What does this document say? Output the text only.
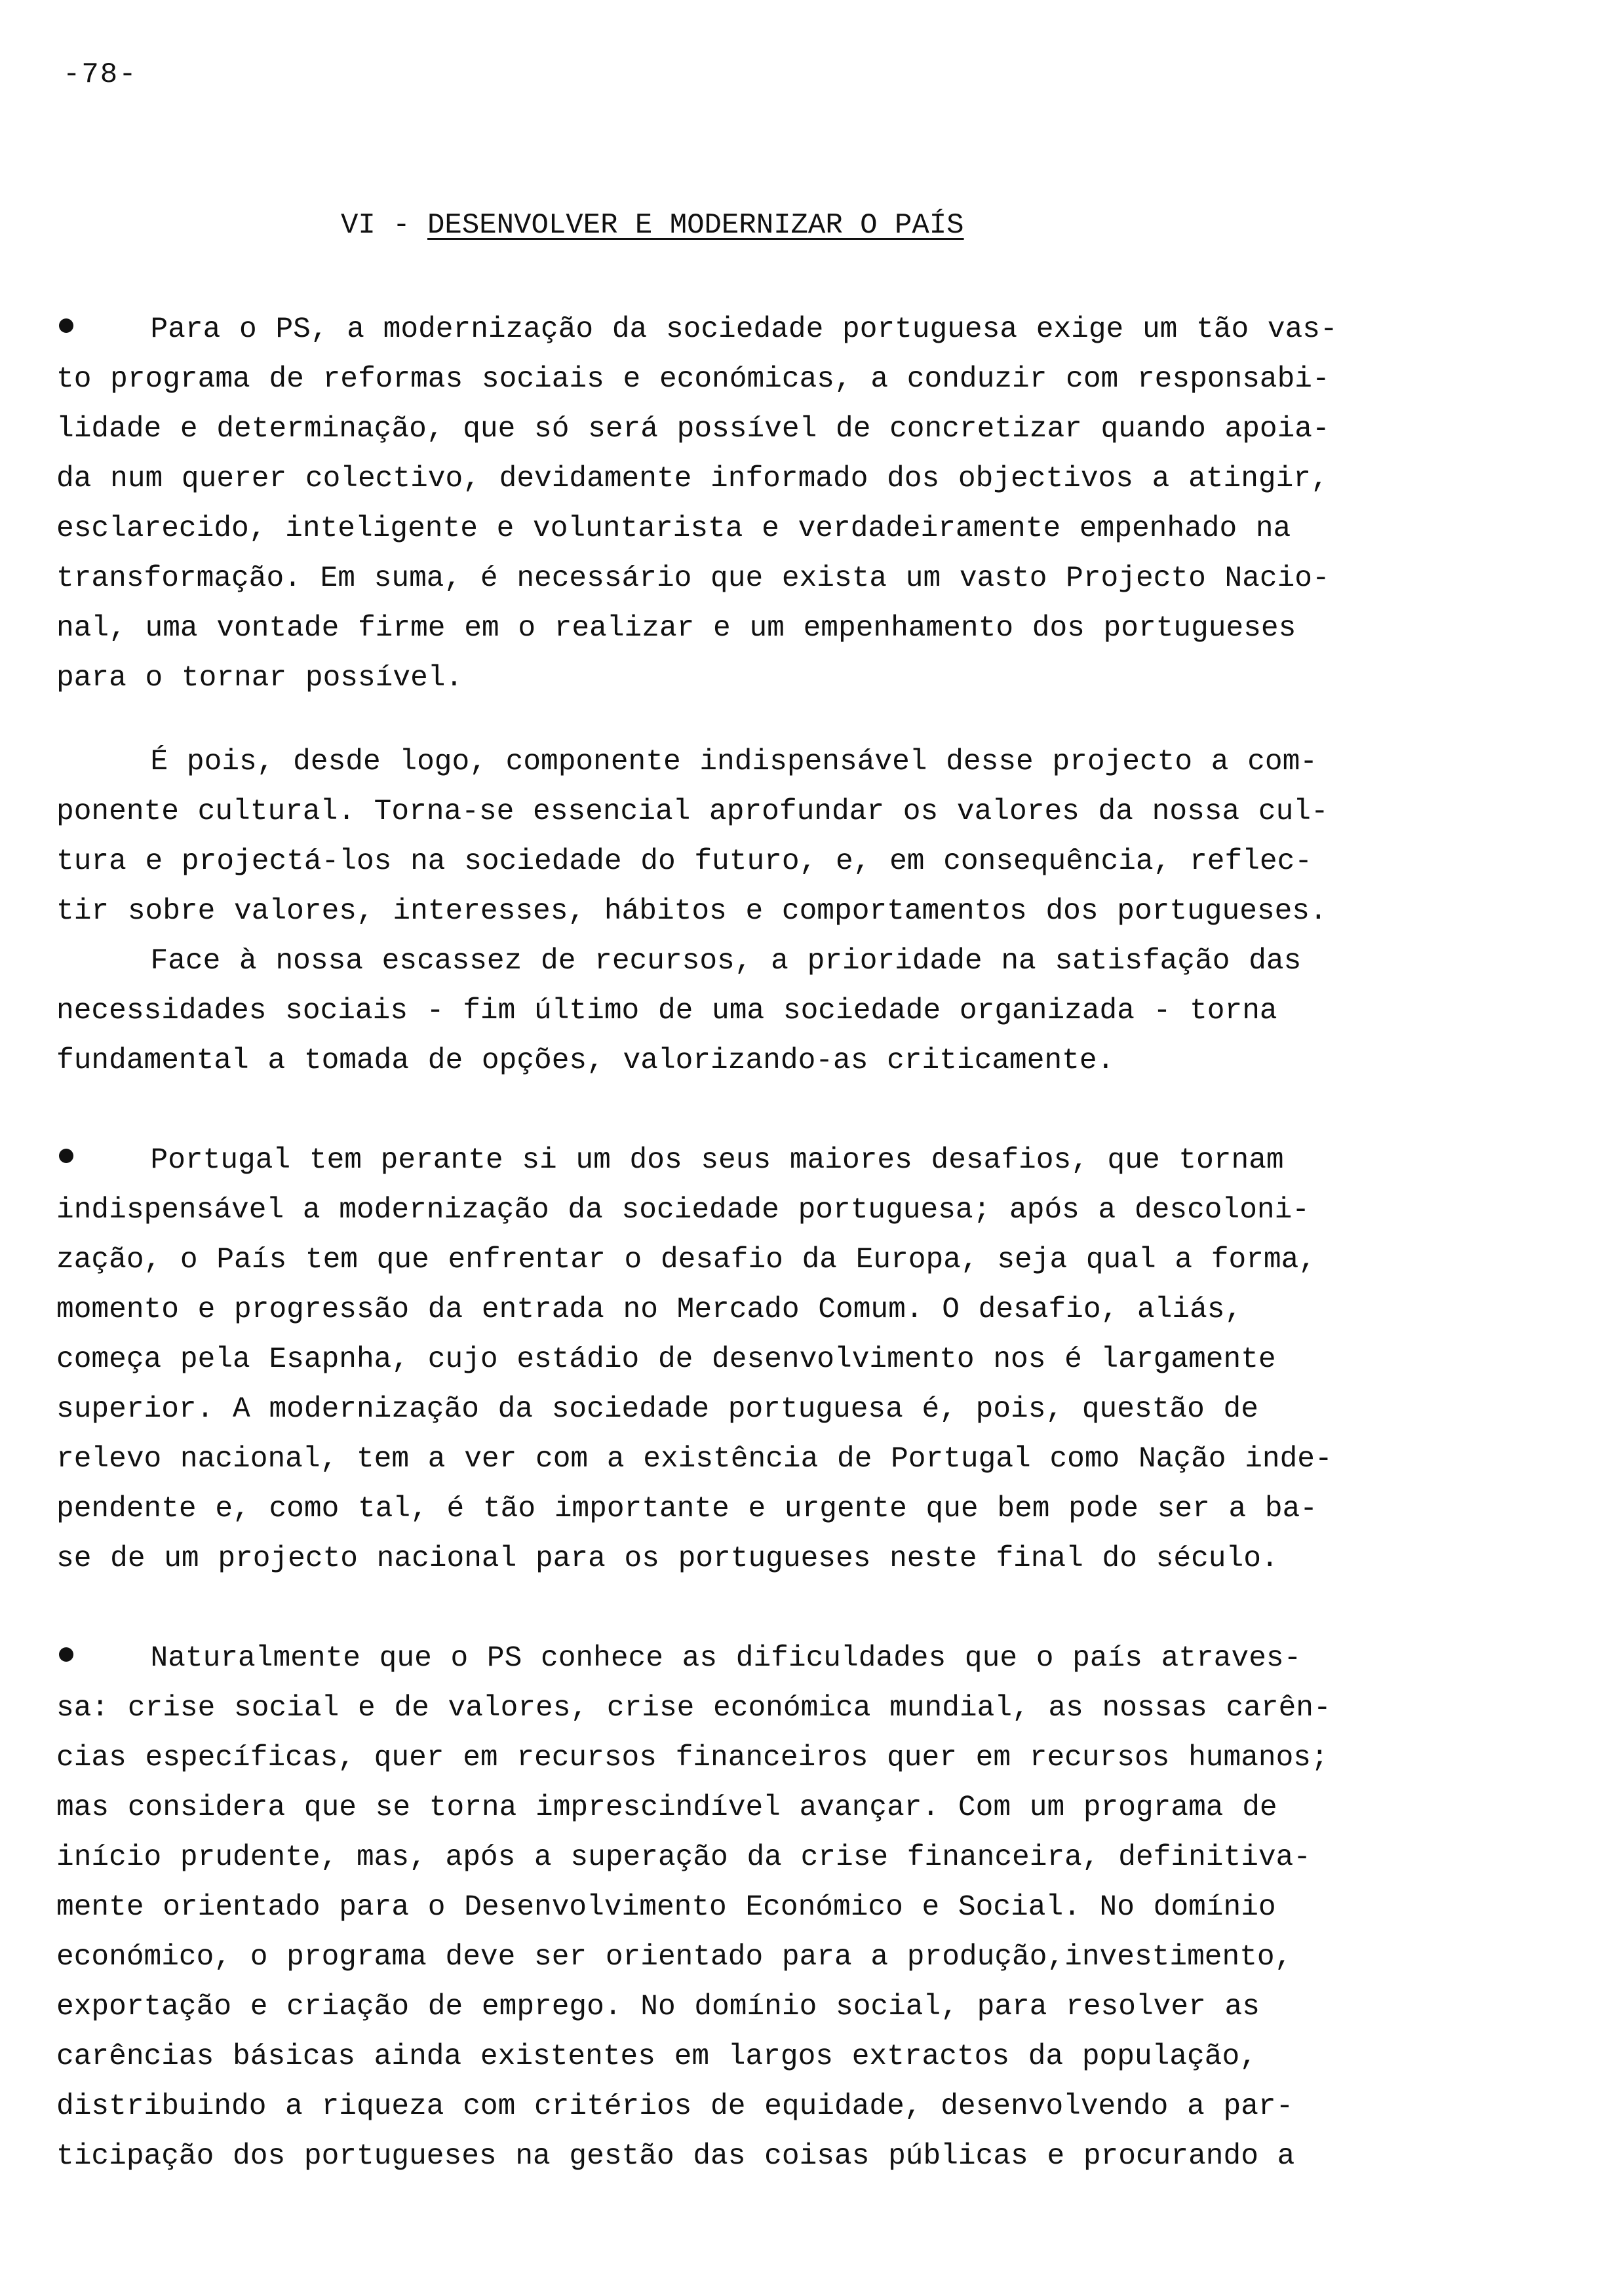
-78-
VI - DESENVOLVER E MODERNIZAR O PAÍS
Para o PS, a modernização da sociedade portuguesa exige um tão vas-
to programa de reformas sociais e económicas, a conduzir com responsabi-
lidade e determinação, que só será possível de concretizar quando apoia-
da num querer colectivo, devidamente informado dos objectivos a atingir,
esclarecido, inteligente e voluntarista e verdadeiramente empenhado na
transformação. Em suma, é necessário que exista um vasto Projecto Nacio-
nal, uma vontade firme em o realizar e um empenhamento dos portugueses
para o tornar possível.
É pois, desde logo, componente indispensável desse projecto a com-
ponente cultural. Torna-se essencial aprofundar os valores da nossa cul-
tura e projectá-los na sociedade do futuro, e, em consequência, reflec-
tir sobre valores, interesses, hábitos e comportamentos dos portugueses.
Face à nossa escassez de recursos, a prioridade na satisfação das
necessidades sociais - fim último de uma sociedade organizada - torna
fundamental a tomada de opções, valorizando-as criticamente.
Portugal tem perante si um dos seus maiores desafios, que tornam
indispensável a modernização da sociedade portuguesa; após a descoloni-
zação, o País tem que enfrentar o desafio da Europa, seja qual a forma,
momento e progressão da entrada no Mercado Comum. O desafio, aliás,
começa pela Esapnha, cujo estádio de desenvolvimento nos é largamente
superior. A modernização da sociedade portuguesa é, pois, questão de
relevo nacional, tem a ver com a existência de Portugal como Nação inde-
pendente e, como tal, é tão importante e urgente que bem pode ser a ba-
se de um projecto nacional para os portugueses neste final do século.
Naturalmente que o PS conhece as dificuldades que o país atraves-
sa: crise social e de valores, crise económica mundial, as nossas carên-
cias específicas, quer em recursos financeiros quer em recursos humanos;
mas considera que se torna imprescindível avançar. Com um programa de
início prudente, mas, após a superação da crise financeira, definitiva-
mente orientado para o Desenvolvimento Económico e Social. No domínio
económico, o programa deve ser orientado para a produção,investimento,
exportação e criação de emprego. No domínio social, para resolver as
carências básicas ainda existentes em largos extractos da população,
distribuindo a riqueza com critérios de equidade, desenvolvendo a par-
ticipação dos portugueses na gestão das coisas públicas e procurando a
